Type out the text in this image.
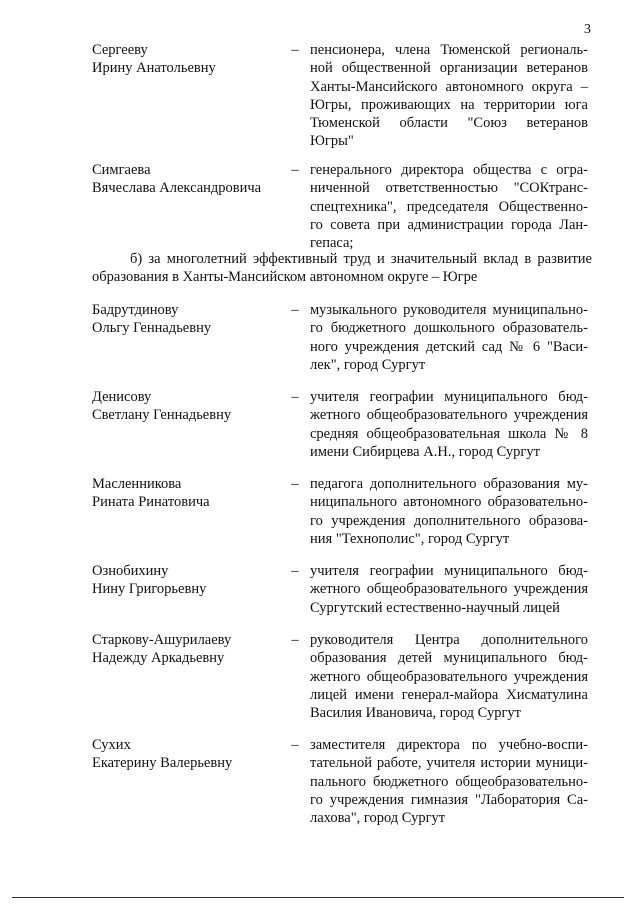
3
Сергееву
Ирину Анатольевну
– пенсионера, члена Тюменской региональ-
ной общественной организации ветеранов
Ханты-Мансийского автономного округа –
Югры, проживающих на территории юга
Тюменской области "Союз ветеранов
Югры"
Симгаева
Вячеслава Александровича
– генерального директора общества с огра-
ниченной ответственностью "СОКтранс-
спецтехника", председателя Общественно-
го совета при администрации города Лан-
гепаса;
б) за многолетний эффективный труд и значительный вклад в развитие
образования в Ханты-Мансийском автономном округе – Югре
Бадрутдинову
Ольгу Геннадьевну
– музыкального руководителя муниципально-
го бюджетного дошкольного образователь-
ного учреждения детский сад № 6 "Васи-
лек", город Сургут
Денисову
Светлану Геннадьевну
– учителя географии муниципального бюд-
жетного общеобразовательного учреждения
средняя общеобразовательная школа № 8
имени Сибирцева А.Н., город Сургут
Масленникова
Рината Ринатовича
– педагога дополнительного образования му-
ниципального автономного образовательно-
го учреждения дополнительного образова-
ния "Технополис", город Сургут
Ознобихину
Нину Григорьевну
– учителя географии муниципального бюд-
жетного общеобразовательного учреждения
Сургутский естественно-научный лицей
Старкову-Ашурилаеву
Надежду Аркадьевну
– руководителя Центра дополнительного
образования детей муниципального бюд-
жетного общеобразовательного учреждения
лицей имени генерал-майора Хисматулина
Василия Ивановича, город Сургут
Сухих
Екатерину Валерьевну
– заместителя директора по учебно-воспи-
тательной работе, учителя истории муници-
пального бюджетного общеобразовательно-
го учреждения гимназия "Лаборатория Са-
лахова", город Сургут
